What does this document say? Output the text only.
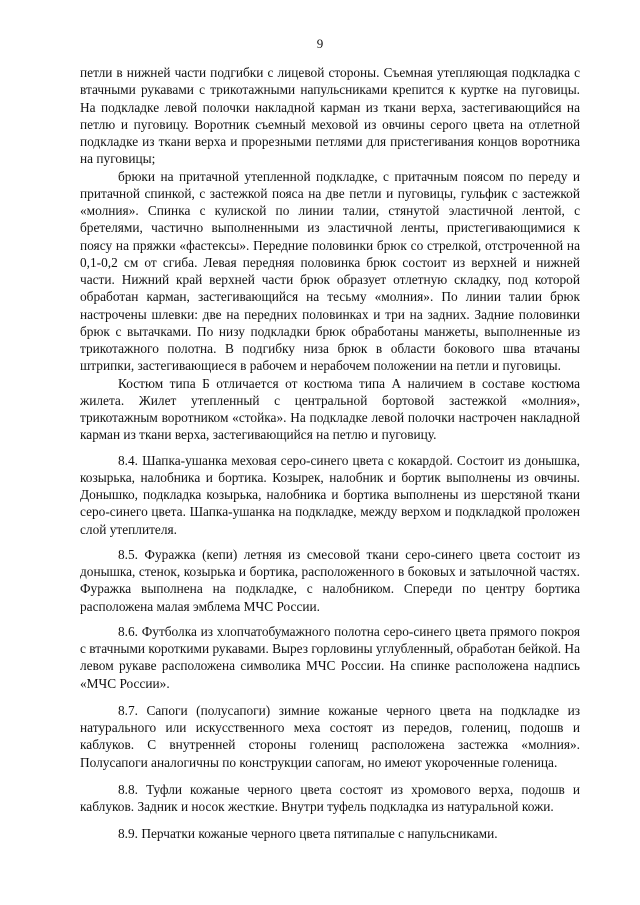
9

петли в нижней части подгибки с лицевой стороны. Съемная утепляющая подкладка с втачными рукавами с трикотажными напульсниками крепится к куртке на пуговицы. На подкладке левой полочки накладной карман из ткани верха, застегивающийся на петлю и пуговицу. Воротник съемный меховой из овчины серого цвета на отлетной подкладке из ткани верха и прорезными петлями для пристегивания концов воротника на пуговицы;

брюки на притачной утепленной подкладке, с притачным поясом по переду и притачной спинкой, с застежкой пояса на две петли и пуговицы, гульфик с застежкой «молния». Спинка с кулиской по линии талии, стянутой эластичной лентой, с бретелями, частично выполненными из эластичной ленты, пристегивающимися к поясу на пряжки «фастексы». Передние половинки брюк со стрелкой, отстроченной на 0,1-0,2 см от сгиба. Левая передняя половинка брюк состоит из верхней и нижней части. Нижний край верхней части брюк образует отлетную складку, под которой обработан карман, застегивающийся на тесьму «молния». По линии талии брюк настрочены шлевки: две на передних половинках и три на задних. Задние половинки брюк с вытачками. По низу подкладки брюк обработаны манжеты, выполненные из трикотажного полотна. В подгибку низа брюк в области бокового шва втачаны штрипки, застегивающиеся в рабочем и нерабочем положении на петли и пуговицы.

Костюм типа Б отличается от костюма типа А наличием в составе костюма жилета. Жилет утепленный с центральной бортовой застежкой «молния», трикотажным воротником «стойка». На подкладке левой полочки настрочен накладной карман из ткани верха, застегивающийся на петлю и пуговицу.

8.4. Шапка-ушанка меховая серо-синего цвета с кокардой. Состоит из донышка, козырька, налобника и бортика. Козырек, налобник и бортик выполнены из овчины. Донышко, подкладка козырька, налобника и бортика выполнены из шерстяной ткани серо-синего цвета. Шапка-ушанка на подкладке, между верхом и подкладкой проложен слой утеплителя.

8.5. Фуражка (кепи) летняя из смесовой ткани серо-синего цвета состоит из донышка, стенок, козырька и бортика, расположенного в боковых и затылочной частях. Фуражка выполнена на подкладке, с налобником. Спереди по центру бортика расположена малая эмблема МЧС России.

8.6. Футболка из хлопчатобумажного полотна серо-синего цвета прямого покроя с втачными короткими рукавами. Вырез горловины углубленный, обработан бейкой. На левом рукаве расположена символика МЧС России. На спинке расположена надпись «МЧС России».

8.7. Сапоги (полусапоги) зимние кожаные черного цвета на подкладке из натурального или искусственного меха состоят из передов, голениц, подошв и каблуков. С внутренней стороны голенищ расположена застежка «молния». Полусапоги аналогичны по конструкции сапогам, но имеют укороченные голеница.

8.8. Туфли кожаные черного цвета состоят из хромового верха, подошв и каблуков. Задник и носок жесткие. Внутри туфель подкладка из натуральной кожи.

8.9. Перчатки кожаные черного цвета пятипалые с напульсниками.
